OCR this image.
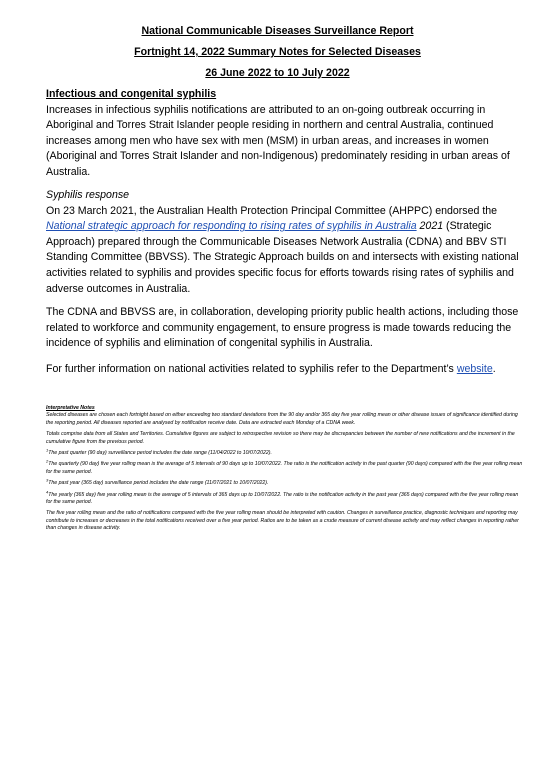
National Communicable Diseases Surveillance Report
Fortnight 14, 2022 Summary Notes for Selected Diseases
26 June 2022 to 10 July 2022
Infectious and congenital syphilis
Increases in infectious syphilis notifications are attributed to an on-going outbreak occurring in Aboriginal and Torres Strait Islander people residing in northern and central Australia, continued increases among men who have sex with men (MSM) in urban areas, and increases in women (Aboriginal and Torres Strait Islander and non-Indigenous) predominately residing in urban areas of Australia.
Syphilis response
On 23 March 2021, the Australian Health Protection Principal Committee (AHPPC) endorsed the National strategic approach for responding to rising rates of syphilis in Australia 2021 (Strategic Approach) prepared through the Communicable Diseases Network Australia (CDNA) and BBV STI Standing Committee (BBVSS). The Strategic Approach builds on and intersects with existing national activities related to syphilis and provides specific focus for efforts towards rising rates of syphilis and adverse outcomes in Australia.
The CDNA and BBVSS are, in collaboration, developing priority public health actions, including those related to workforce and community engagement, to ensure progress is made towards reducing the incidence of syphilis and elimination of congenital syphilis in Australia.
For further information on national activities related to syphilis refer to the Department’s website.
Interpretative Notes

Selected diseases are chosen each fortnight based on either exceeding two standard deviations from the 90 day and/or 365 day five year rolling mean or other disease issues of significance identified during the reporting period. All diseases reported are analysed by notification receive date. Data are extracted each Monday of a CDNA week.

Totals comprise data from all States and Territories. Cumulative figures are subject to retrospective revision so there may be discrepancies between the number of new notifications and the increment in the cumulative figure from the previous period.

$^1$The past quarter (90 day) surveillance period includes the date range (11/04/2022 to 10/07/2022).

$^2$The quarterly (90 day) five year rolling mean is the average of 5 intervals of 90 days up to 10/07/2022. The ratio is the notification activity in the past quarter (90 days) compared with the five year rolling mean for the same period.

$^3$The past year (365 day) surveillance period includes the date range (11/07/2021 to 10/07/2022).

$^4$The yearly (365 day) five year rolling mean is the average of 5 intervals of 365 days up to 10/07/2022. The ratio is the notification activity in the past year (365 days) compared with the five year rolling mean for the same period.

The five year rolling mean and the ratio of notifications compared with the five year rolling mean should be interpreted with caution. Changes in surveillance practice, diagnostic techniques and reporting may contribute to increases or decreases in the total notifications received over a five year period. Ratios are to be taken as a crude measure of current disease activity and may reflect changes in reporting rather than changes in disease activity.
